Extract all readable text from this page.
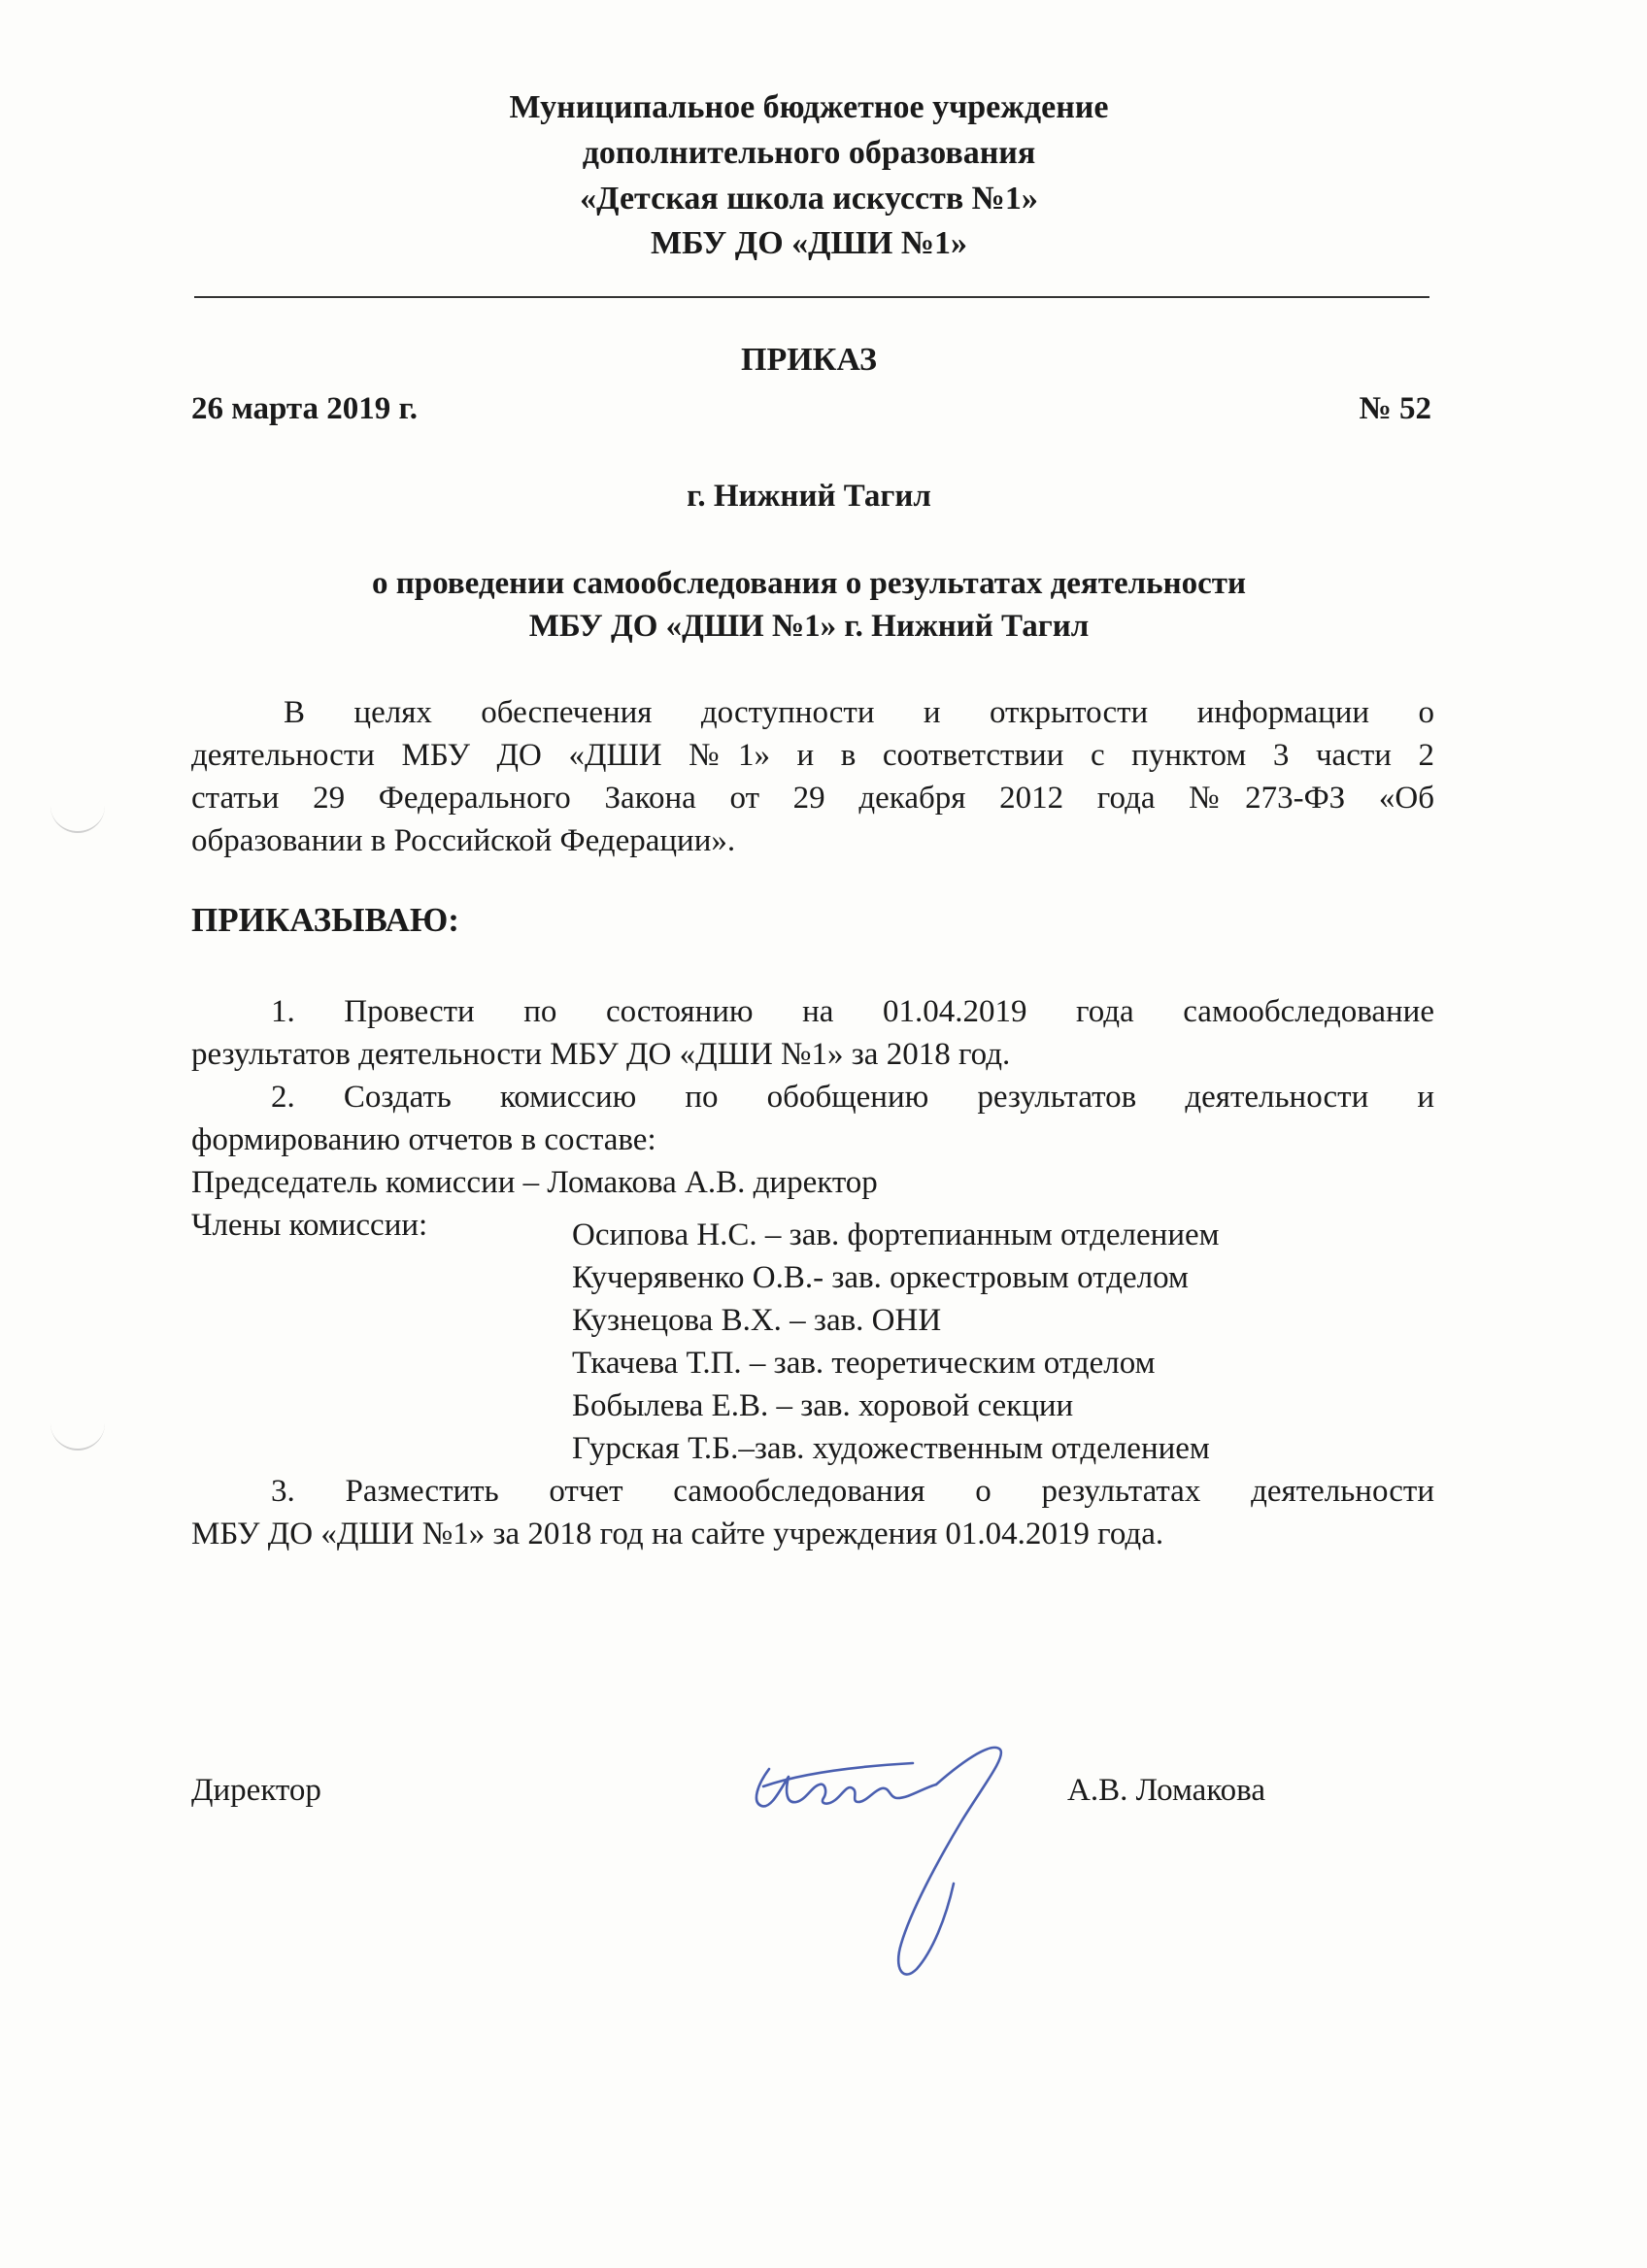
Муниципальное бюджетное учреждение
дополнительного образования
«Детская школа искусств №1»
МБУ ДО «ДШИ №1»
ПРИКАЗ
26 марта 2019 г.	№ 52
г. Нижний Тагил
о проведении самообследования о результатах деятельности
МБУ ДО «ДШИ №1» г. Нижний Тагил
В целях обеспечения доступности и открытости информации о
деятельности МБУ ДО «ДШИ №1» и в соответствии с пунктом 3 части 2
статьи 29 Федерального Закона от 29 декабря 2012 года №273-ФЗ «Об
образовании в Российской Федерации».
ПРИКАЗЫВАЮ:
1. Провести по состоянию на 01.04.2019 года самообследование
результатов деятельности МБУ ДО «ДШИ №1» за 2018 год.
2. Создать комиссию по обобщению результатов деятельности и
формированию отчетов в составе:
Председатель комиссии – Ломакова А.В. директор
Члены комиссии:	Осипова Н.С. – зав. фортепианным отделением
Кучерявенко О.В.- зав. оркестровым отделом
Кузнецова В.Х. – зав. ОНИ
Ткачева Т.П. – зав. теоретическим отделом
Бобылева Е.В. – зав. хоровой секции
Гурская Т.Б.–зав. художественным отделением
3. Разместить отчет самообследования о результатах деятельности
МБУ ДО «ДШИ №1» за 2018 год на сайте учреждения 01.04.2019 года.
Директор	А.В. Ломакова
